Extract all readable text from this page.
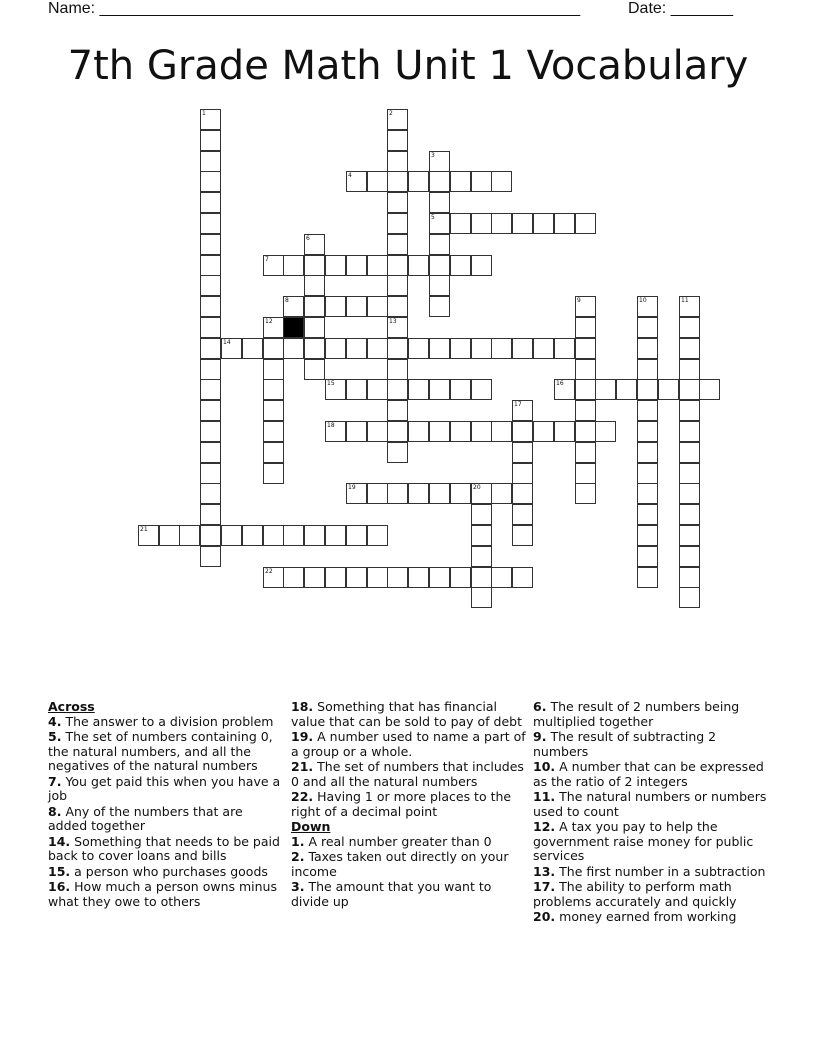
Name: ______________________________________________________	Date: _______
7th Grade Math Unit 1 Vocabulary
1	2
3
5
4
6
7
8	9	10	11
12	13
14
15	16
17
18
19	20
21
22
Across
4. The answer to a division problem
5. The set of numbers containing 0, the natural numbers, and all the negatives of the natural numbers
7. You get paid this when you have a job
8. Any of the numbers that are added together
14. Something that needs to be paid back to cover loans and bills
15. a person who purchases goods
16. How much a person owns minus what they owe to others
18. Something that has financial value that can be sold to pay of debt
19. A number used to name a part of a group or a whole.
21. The set of numbers that includes 0 and all the natural numbers
22. Having 1 or more places to the right of a decimal point
Down
1. A real number greater than 0
2. Taxes taken out directly on your income
3. The amount that you want to divide up
6. The result of 2 numbers being multiplied together
9. The result of subtracting 2 numbers
10. A number that can be expressed as the ratio of 2 integers
11. The natural numbers or numbers used to count
12. A tax you pay to help the government raise money for public services
13. The first number in a subtraction
17. The ability to perform math problems accurately and quickly
20. money earned from working
